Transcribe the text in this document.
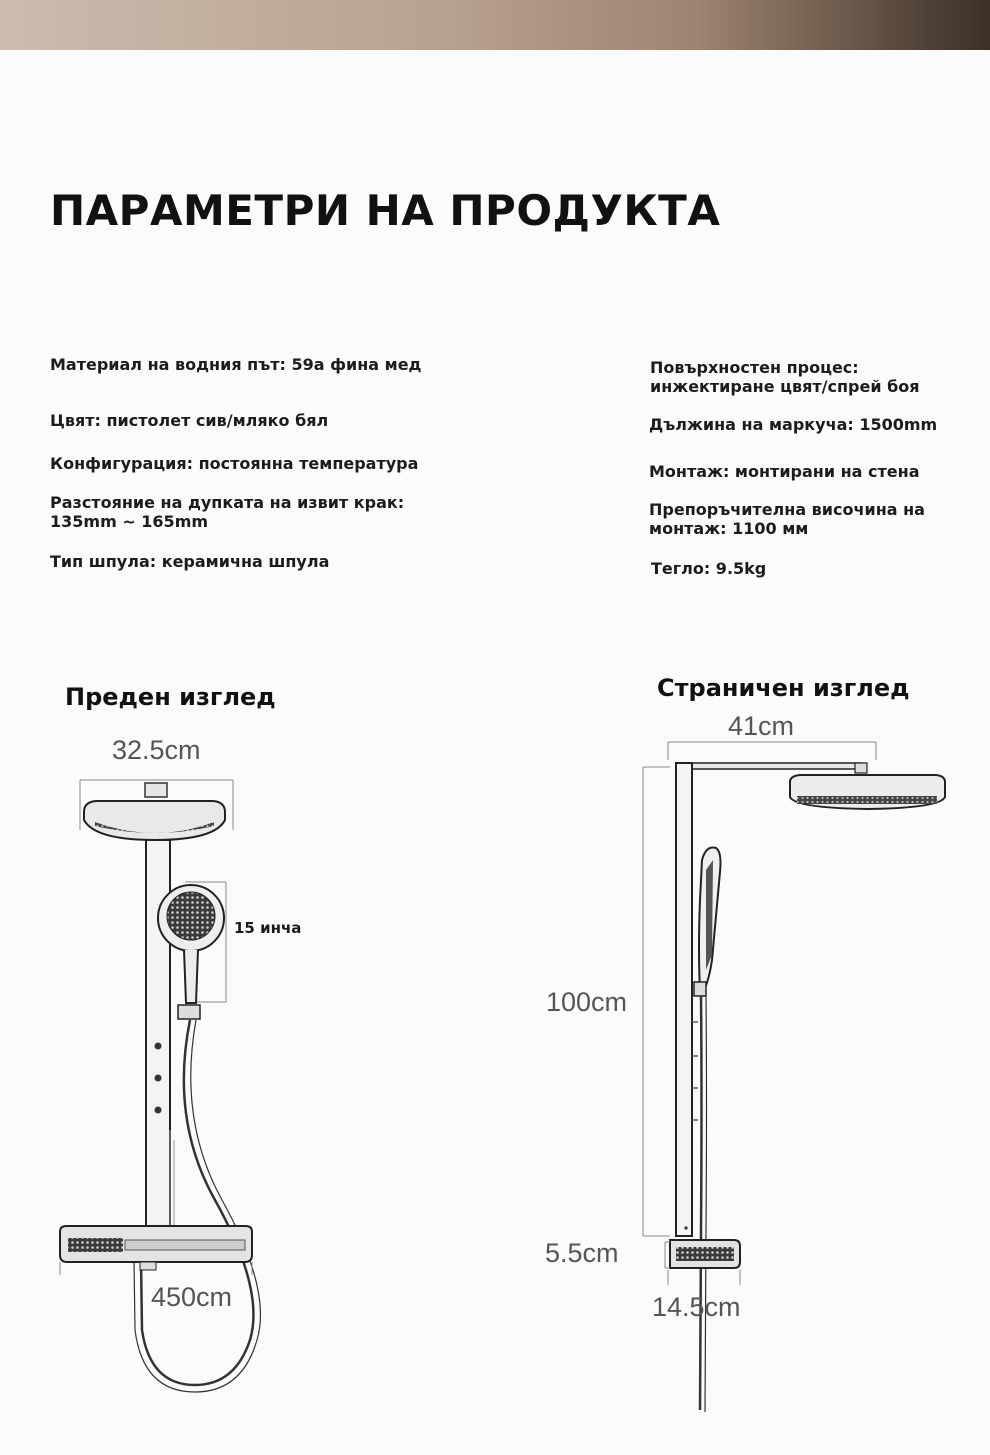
ПАРАМЕТРИ НА ПРОДУКТА

Материал на водния път: 59а фина мед

Цвят: пистолет сив/мляко бял

Конфигурация: постоянна температура

Разстояние на дупката на извит крак:
135mm ~ 165mm

Тип шпула: керамична шпула

Повърхностен процес:
инжектиране цвят/спрей боя

Дължина на маркуча: 1500mm

Монтаж: монтирани на стена

Препоръчителна височина на
монтаж: 1100 мм

Тегло: 9.5kg

Преден изглед	Страничен изглед
32.5cm
15 инча
450cm
41cm
100cm
5.5cm
14.5cm
